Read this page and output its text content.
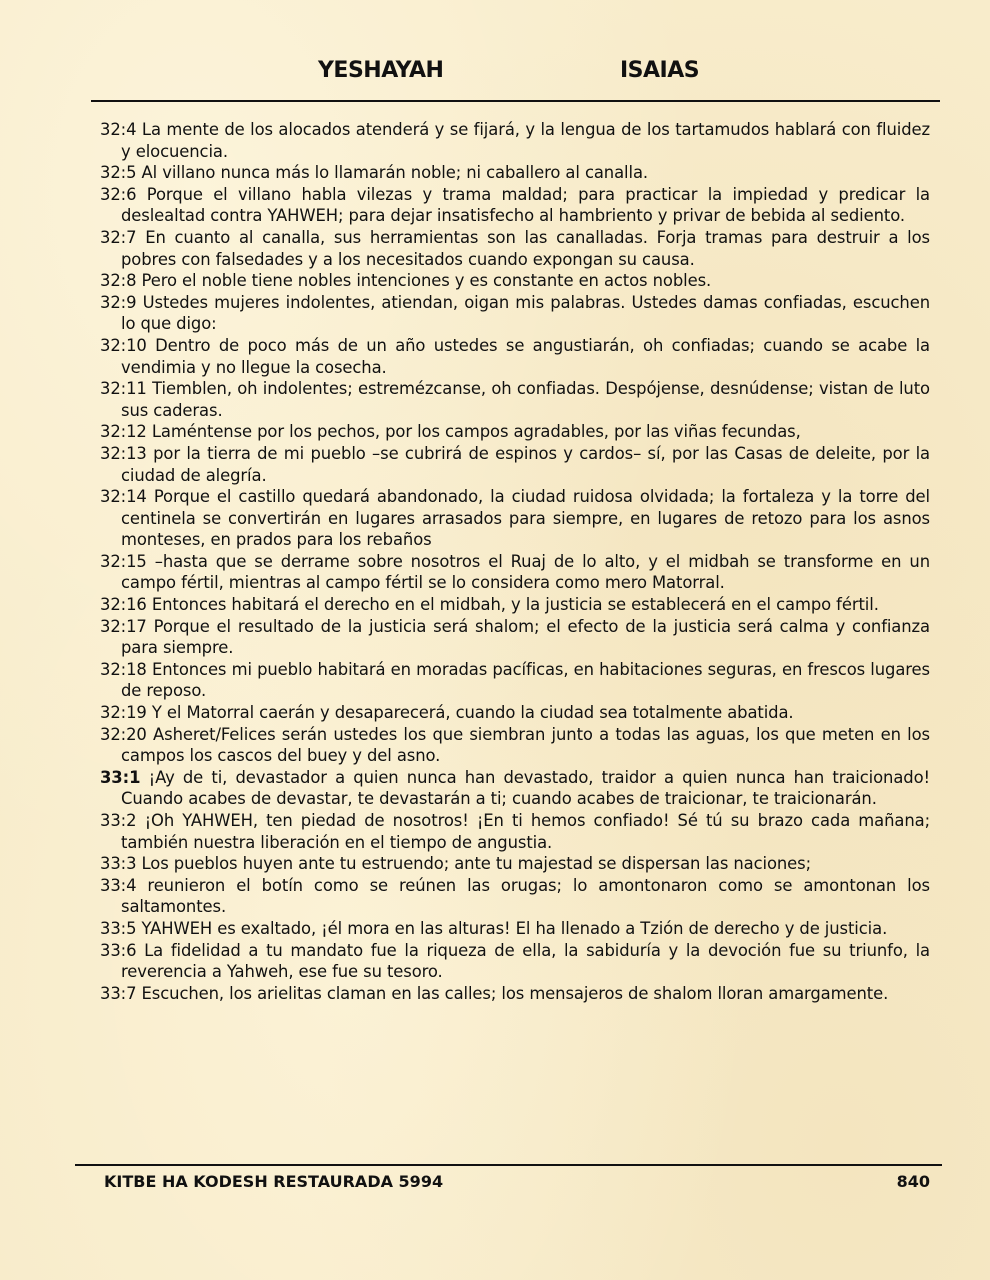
YESHAYAH	ISAIAS

32:4 La mente de los alocados atenderá y se fijará, y la lengua de los tartamudos hablará con fluidez y elocuencia.

32:5 Al villano nunca más lo llamarán noble; ni caballero al canalla.

32:6 Porque el villano habla vilezas y trama maldad; para practicar la impiedad y predicar la deslealtad contra YAHWEH; para dejar insatisfecho al hambriento y privar de bebida al sediento.

32:7 En cuanto al canalla, sus herramientas son las canalladas. Forja tramas para destruir a los pobres con falsedades y a los necesitados cuando expongan su causa.

32:8 Pero el noble tiene nobles intenciones y es constante en actos nobles.

32:9 Ustedes mujeres indolentes, atiendan, oigan mis palabras. Ustedes damas confiadas, escuchen lo que digo:

32:10 Dentro de poco más de un año ustedes se angustiarán, oh confiadas; cuando se acabe la vendimia y no llegue la cosecha.

32:11 Tiemblen, oh indolentes; estremézcanse, oh confiadas. Despójense, desnúdense; vistan de luto sus caderas.

32:12 Laméntense por los pechos, por los campos agradables, por las viñas fecundas,

32:13 por la tierra de mi pueblo –se cubrirá de espinos y cardos– sí, por las Casas de deleite, por la ciudad de alegría.

32:14 Porque el castillo quedará abandonado, la ciudad ruidosa olvidada; la fortaleza y la torre del centinela se convertirán en lugares arrasados para siempre, en lugares de retozo para los asnos monteses, en prados para los rebaños

32:15 –hasta que se derrame sobre nosotros el Ruaj de lo alto, y el midbah se transforme en un campo fértil, mientras al campo fértil se lo considera como mero Matorral.

32:16 Entonces habitará el derecho en el midbah, y la justicia se establecerá en el campo fértil.

32:17 Porque el resultado de la justicia será shalom; el efecto de la justicia será calma y confianza para siempre.

32:18 Entonces mi pueblo habitará en moradas pacíficas, en habitaciones seguras, en frescos lugares de reposo.

32:19 Y el Matorral caerán y desaparecerá, cuando la ciudad sea totalmente abatida.

32:20 Asheret/Felices serán ustedes los que siembran junto a todas las aguas, los que meten en los campos los cascos del buey y del asno.

33:1 ¡Ay de ti, devastador a quien nunca han devastado, traidor a quien nunca han traicionado! Cuando acabes de devastar, te devastarán a ti; cuando acabes de traicionar, te traicionarán.

33:2 ¡Oh YAHWEH, ten piedad de nosotros! ¡En ti hemos confiado! Sé tú su brazo cada mañana; también nuestra liberación en el tiempo de angustia.

33:3 Los pueblos huyen ante tu estruendo; ante tu majestad se dispersan las naciones;

33:4 reunieron el botín como se reúnen las orugas; lo amontonaron como se amontonan los saltamontes.

33:5 YAHWEH es exaltado, ¡él mora en las alturas! El ha llenado a Tzión de derecho y de justicia.

33:6 La fidelidad a tu mandato fue la riqueza de ella, la sabiduría y la devoción fue su triunfo, la reverencia a Yahweh, ese fue su tesoro.

33:7 Escuchen, los arielitas claman en las calles; los mensajeros de shalom lloran amargamente.

KITBE HA KODESH RESTAURADA 5994	840
